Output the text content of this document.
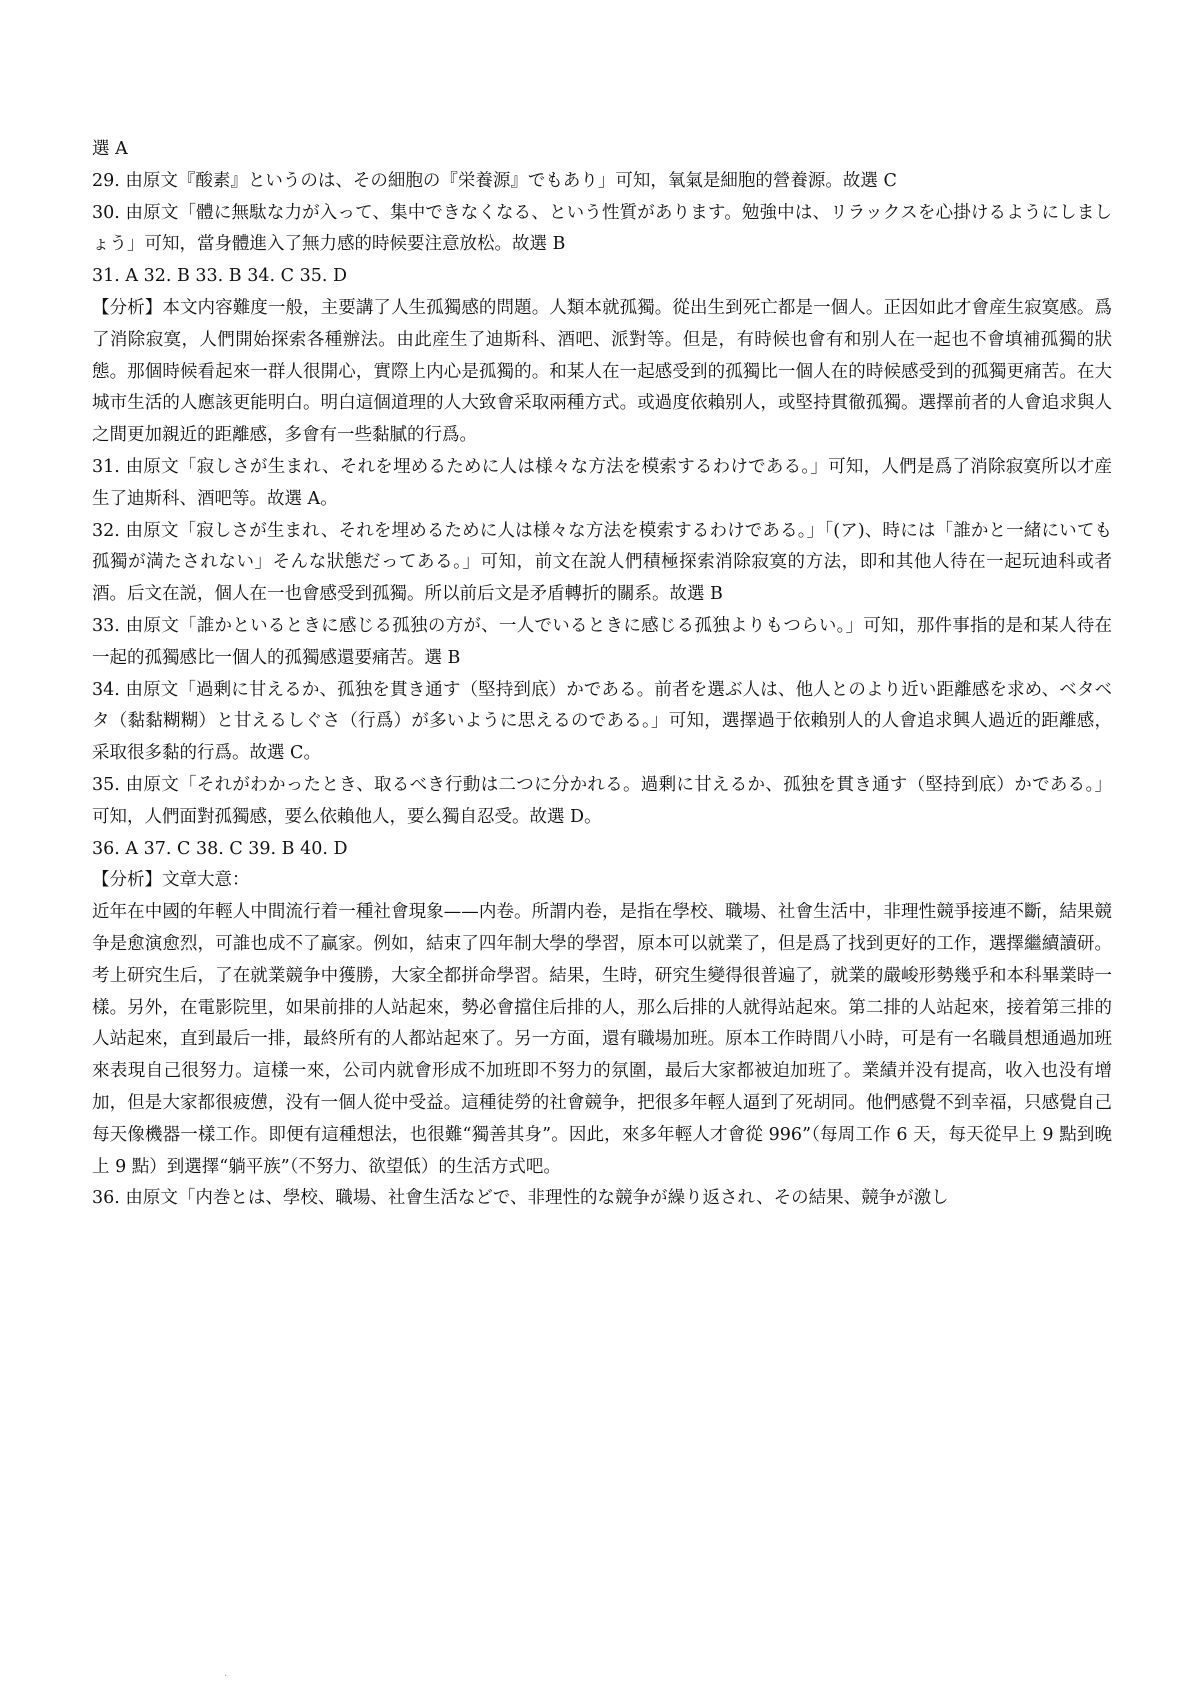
選 A

29. 由原文『酸素』というのは、その細胞の『栄養源』でもあり」可知，氧氣是細胞的營養源。故選 C

30. 由原文「體に無駄な力が入って、集中できなくなる、という性質があります。勉強中は、リラックスを心掛けるようにしましょう」可知，當身體進入了無力感的時候要注意放松。故選 B

31. A 32. B 33. B 34. C 35. D

【分析】本文内容難度一般，主要講了人生孤獨感的問題。人類本就孤獨。從出生到死亡都是一個人。正因如此才會産生寂寞感。爲了消除寂寞，人們開始探索各種辦法。由此産生了迪斯科、酒吧、派對等。但是，有時候也會有和别人在一起也不會填補孤獨的狀態。那個時候看起來一群人很開心，實際上内心是孤獨的。和某人在一起感受到的孤獨比一個人在的時候感受到的孤獨更痛苦。在大城市生活的人應該更能明白。明白這個道理的人大致會采取兩種方式。或過度依賴别人，或堅持貫徹孤獨。選擇前者的人會追求與人之間更加親近的距離感，多會有一些黏膩的行爲。

31. 由原文「寂しさが生まれ、それを埋めるために人は様々な方法を模索するわけである。」可知，人們是爲了消除寂寞所以才産生了迪斯科、酒吧等。故選 A。

32. 由原文「寂しさが生まれ、それを埋めるために人は様々な方法を模索するわけである。」「(ア)、時には「誰かと一緒にいても孤獨が満たされない」そんな狀態だってある。」可知，前文在說人們積極探索消除寂寞的方法，即和其他人待在一起玩迪科或者酒。后文在説，個人在一也會感受到孤獨。所以前后文是矛盾轉折的關系。故選 B

33. 由原文「誰かといるときに感じる孤独の方が、一人でいるときに感じる孤独よりもつらい。」可知，那件事指的是和某人待在一起的孤獨感比一個人的孤獨感還要痛苦。選 B

34. 由原文「過剰に甘えるか、孤独を貫き通す（堅持到底）かである。前者を選ぶ人は、他人とのより近い距離感を求め、ベタベタ（黏黏糊糊）と甘えるしぐさ（行爲）が多いように思えるのである。」可知，選擇過于依賴别人的人會追求興人過近的距離感，采取很多黏的行爲。故選 C。

35. 由原文「それがわかったとき、取るべき行動は二つに分かれる。過剰に甘えるか、孤独を貫き通す（堅持到底）かである。」可知，人們面對孤獨感，要么依賴他人，要么獨自忍受。故選 D。

36. A 37. C 38. C 39. B 40. D

【分析】文章大意：

近年在中國的年輕人中間流行着一種社會現象——内卷。所謂内卷，是指在學校、職場、社會生活中，非理性競爭接連不斷，結果競争是愈演愈烈，可誰也成不了赢家。例如，結束了四年制大學的學習，原本可以就業了，但是爲了找到更好的工作，選擇繼續讀研。考上研究生后，了在就業競争中獲勝，大家全都拼命學習。結果，生時，研究生變得很普遍了，就業的嚴峻形勢幾乎和本科畢業時一樣。另外，在電影院里，如果前排的人站起來，勢必會擋住后排的人，那么后排的人就得站起來。第二排的人站起來，接着第三排的人站起來，直到最后一排，最終所有的人都站起來了。另一方面，還有職場加班。原本工作時間八小時，可是有一名職員想通過加班來表現自己很努力。這樣一來，公司内就會形成不加班即不努力的氛圍，最后大家都被迫加班了。業績并没有提高，收入也没有增加，但是大家都很疲憊，没有一個人從中受益。這種徒勞的社會競争，把很多年輕人逼到了死胡同。他們感覺不到幸福，只感覺自己每天像機器一樣工作。即便有這種想法，也很難“獨善其身”。因此，來多年輕人才會從 996”（每周工作 6 天，每天從早上 9 點到晚上 9 點）到選擇“躺平族”（不努力、欲望低）的生活方式吧。

36. 由原文「内巻とは、學校、職場、社會生活などで、非理性的な競争が繰り返され、その結果、競争が激し

.
